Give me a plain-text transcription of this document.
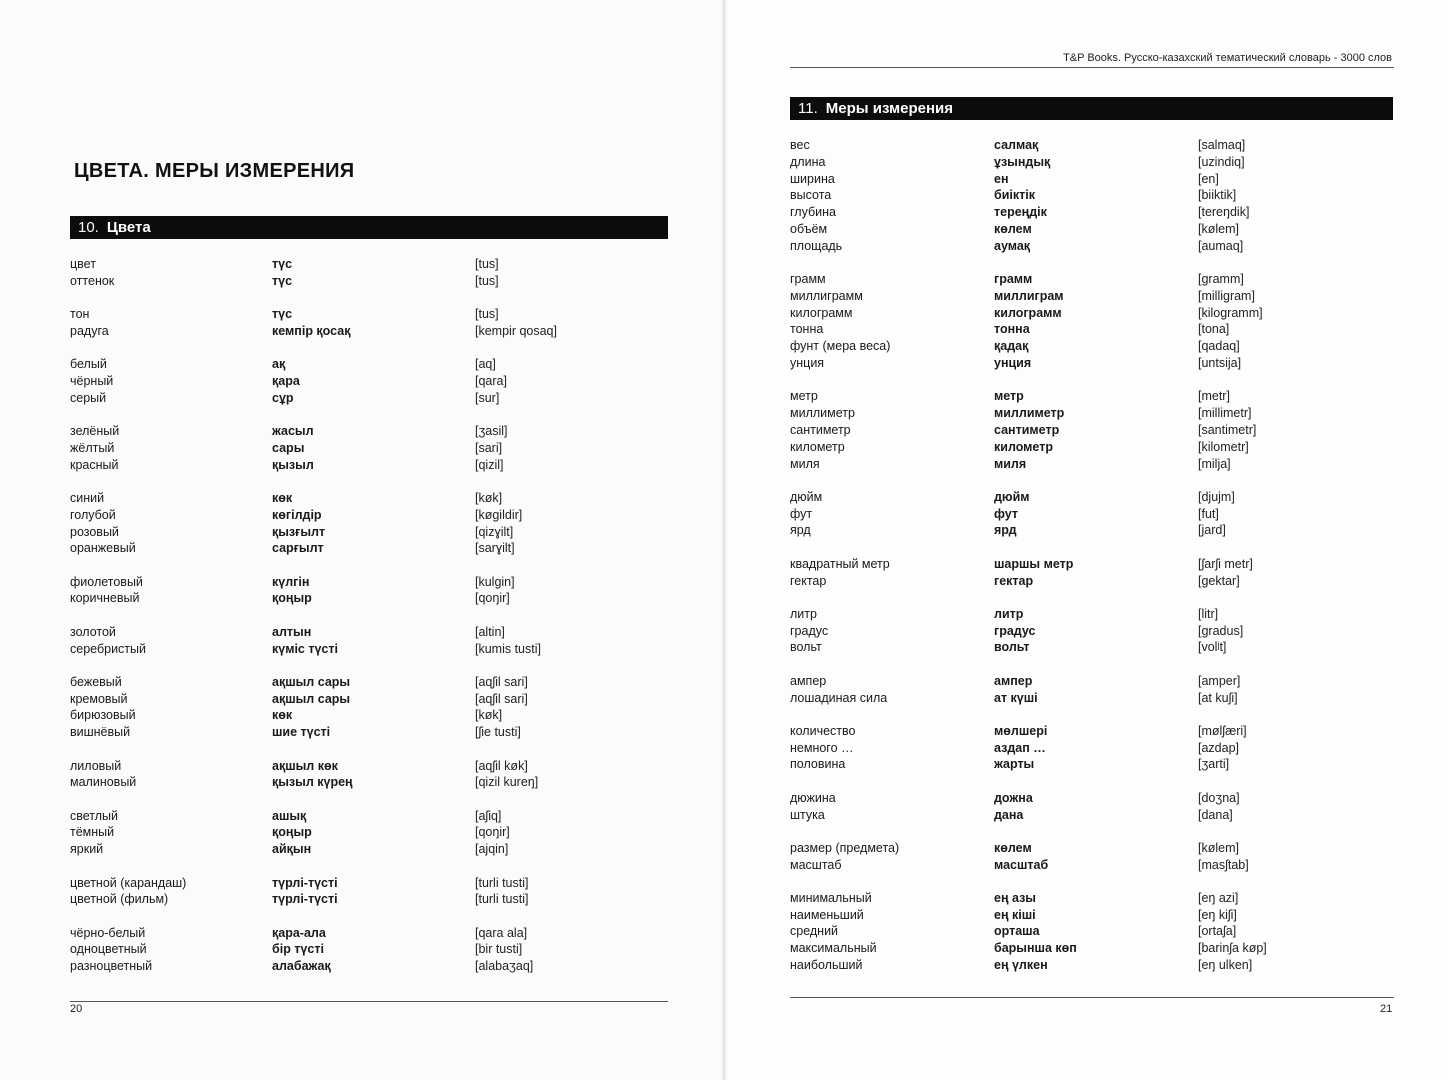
ЦВЕТА. МЕРЫ ИЗМЕРЕНИЯ
10. Цвета
цвет	түс	[tus]
оттенок	түс	[tus]
тон	түс	[tus]
радуга	кемпір қосақ	[kempir qosaq]
белый	ақ	[aq]
чёрный	қара	[qara]
серый	сұр	[sur]
зелёный	жасыл	[ʒasil]
жёлтый	сары	[sari]
красный	қызыл	[qizil]
синий	көк	[køk]
голубой	көгілдір	[køgildir]
розовый	қызғылт	[qizɣilt]
оранжевый	сарғылт	[sarɣilt]
фиолетовый	күлгін	[kulgin]
коричневый	қоңыр	[qoŋir]
золотой	алтын	[altin]
серебристый	күміс түсті	[kumis tusti]
бежевый	ақшыл сары	[aqʃil sari]
кремовый	ақшыл сары	[aqʃil sari]
бирюзовый	көк	[køk]
вишнёвый	шие түсті	[ʃie tusti]
лиловый	ақшыл көк	[aqʃil køk]
малиновый	қызыл күрең	[qizil kureŋ]
светлый	ашық	[aʃiq]
тёмный	қоңыр	[qoŋir]
яркий	айқын	[ajqin]
цветной (карандаш)	түрлі-түсті	[turli tusti]
цветной (фильм)	түрлі-түсті	[turli tusti]
чёрно-белый	қара-ала	[qara ala]
одноцветный	бір түсті	[bir tusti]
разноцветный	алабажақ	[alabaʒaq]
20
T&P Books. Русско-казахский тематический словарь - 3000 слов
11. Меры измерения
вес	салмақ	[salmaq]
длина	ұзындық	[uzindiq]
ширина	ен	[en]
высота	биіктік	[biiktik]
глубина	тереңдік	[tereŋdik]
объём	көлем	[kølem]
площадь	аумақ	[aumaq]
грамм	грамм	[gramm]
миллиграмм	миллиграм	[milligram]
килограмм	килограмм	[kilogramm]
тонна	тонна	[tona]
фунт (мера веса)	қадақ	[qadaq]
унция	унция	[untsija]
метр	метр	[metr]
миллиметр	миллиметр	[millimetr]
сантиметр	сантиметр	[santimetr]
километр	километр	[kilometr]
миля	миля	[milja]
дюйм	дюйм	[djujm]
фут	фут	[fut]
ярд	ярд	[jard]
квадратный метр	шаршы метр	[ʃarʃi metr]
гектар	гектар	[gektar]
литр	литр	[litr]
градус	градус	[gradus]
вольт	вольт	[volʲt]
ампер	ампер	[amper]
лошадиная сила	ат күші	[at kuʃi]
количество	мөлшері	[mølʃæri]
немного …	аздап …	[azdap]
половина	жарты	[ʒarti]
дюжина	дожна	[doʒna]
штука	дана	[dana]
размер (предмета)	көлем	[kølem]
масштаб	масштаб	[masʃtab]
минимальный	ең азы	[eŋ azi]
наименьший	ең кіші	[eŋ kiʃi]
средний	орташа	[ortaʃa]
максимальный	барынша көп	[barinʃa køp]
наибольший	ең үлкен	[eŋ ulken]
21
